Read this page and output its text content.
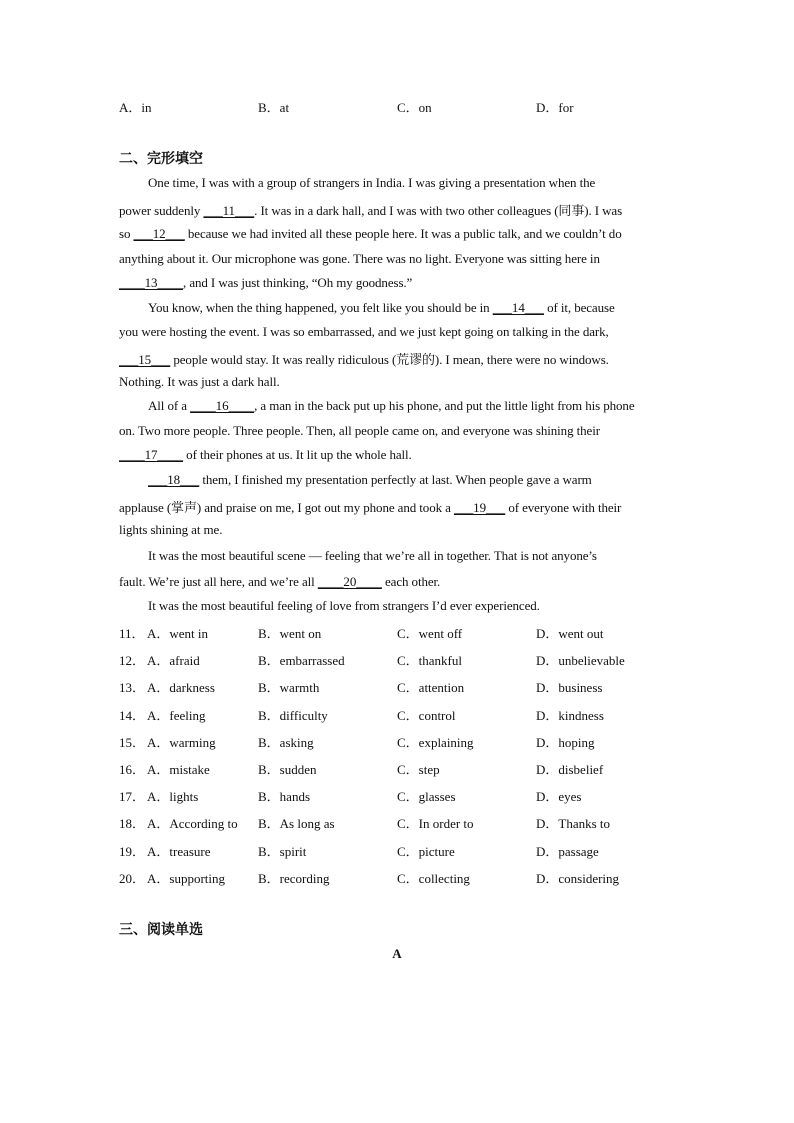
A．in	B．at	C．on	D．for
二、完形填空
One time, I was with a group of strangers in India. I was giving a presentation when the
power suddenly ___11___. It was in a dark hall, and I was with two other colleagues (同事). I was
so ___12___ because we had invited all these people here. It was a public talk, and we couldn’t do
anything about it. Our microphone was gone. There was no light. Everyone was sitting here in
____13____, and I was just thinking, “Oh my goodness.”
You know, when the thing happened, you felt like you should be in ___14___ of it, because
you were hosting the event. I was so embarrassed, and we just kept going on talking in the dark,
___15___ people would stay. It was really ridiculous (荒谬的). I mean, there were no windows.
Nothing. It was just a dark hall.
All of a ____16____, a man in the back put up his phone, and put the little light from his phone
on. Two more people. Three people. Then, all people came on, and everyone was shining their
____17____ of their phones at us. It lit up the whole hall.
___18___ them, I finished my presentation perfectly at last. When people gave a warm
applause (掌声) and praise on me, I got out my phone and took a ___19___ of everyone with their
lights shining at me.
It was the most beautiful scene — feeling that we’re all in together. That is not anyone’s
fault. We’re just all here, and we’re all ____20____ each other.
It was the most beautiful feeling of love from strangers I’d ever experienced.
11． A．went in	B．went on	C．went off	D．went out
12． A．afraid	B．embarrassed	C．thankful	D．unbelievable
13． A．darkness	B．warmth	C．attention	D．business
14． A．feeling	B．difficulty	C．control	D．kindness
15． A．warming	B．asking	C．explaining	D．hoping
16． A．mistake	B．sudden	C．step	D．disbelief
17． A．lights	B．hands	C．glasses	D．eyes
18． A．According to B．As long as	C．In order to	D．Thanks to
19． A．treasure	B．spirit	C．picture	D．passage
20． A．supporting	B．recording	C．collecting	D．considering
三、阅读单选
A
